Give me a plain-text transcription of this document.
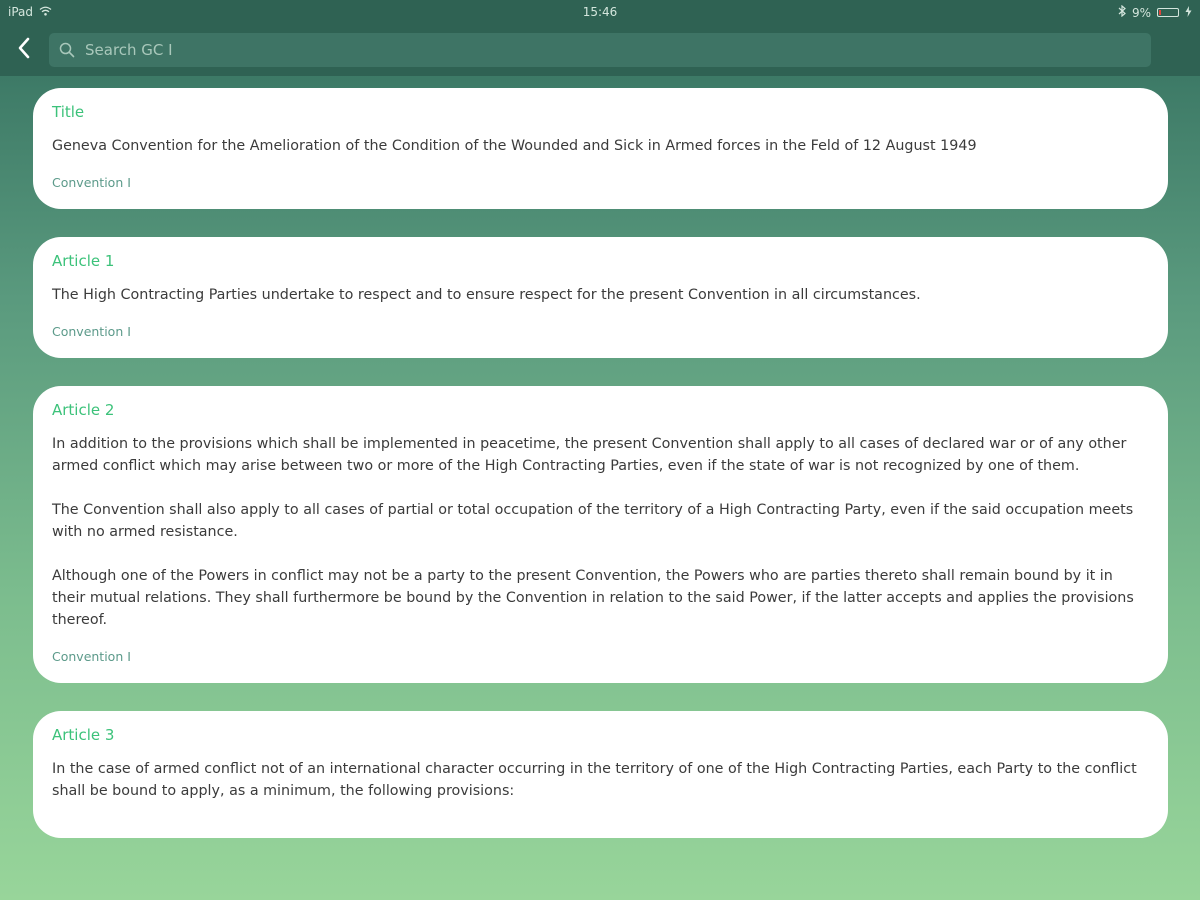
iPad	15:46	9%
Search GC I
Title

Geneva Convention for the Amelioration of the Condition of the Wounded and Sick in Armed forces in the Feld of 12 August 1949

Convention I
Article 1

The High Contracting Parties undertake to respect and to ensure respect for the present Convention in all circumstances.

Convention I
Article 2

In addition to the provisions which shall be implemented in peacetime, the present Convention shall apply to all cases of declared war or of any other armed conflict which may arise between two or more of the High Contracting Parties, even if the state of war is not recognized by one of them.

The Convention shall also apply to all cases of partial or total occupation of the territory of a High Contracting Party, even if the said occupation meets with no armed resistance.

Although one of the Powers in conflict may not be a party to the present Convention, the Powers who are parties thereto shall remain bound by it in their mutual relations. They shall furthermore be bound by the Convention in relation to the said Power, if the latter accepts and applies the provisions thereof.

Convention I
Article 3

In the case of armed conflict not of an international character occurring in the territory of one of the High Contracting Parties, each Party to the conflict shall be bound to apply, as a minimum, the following provisions:
